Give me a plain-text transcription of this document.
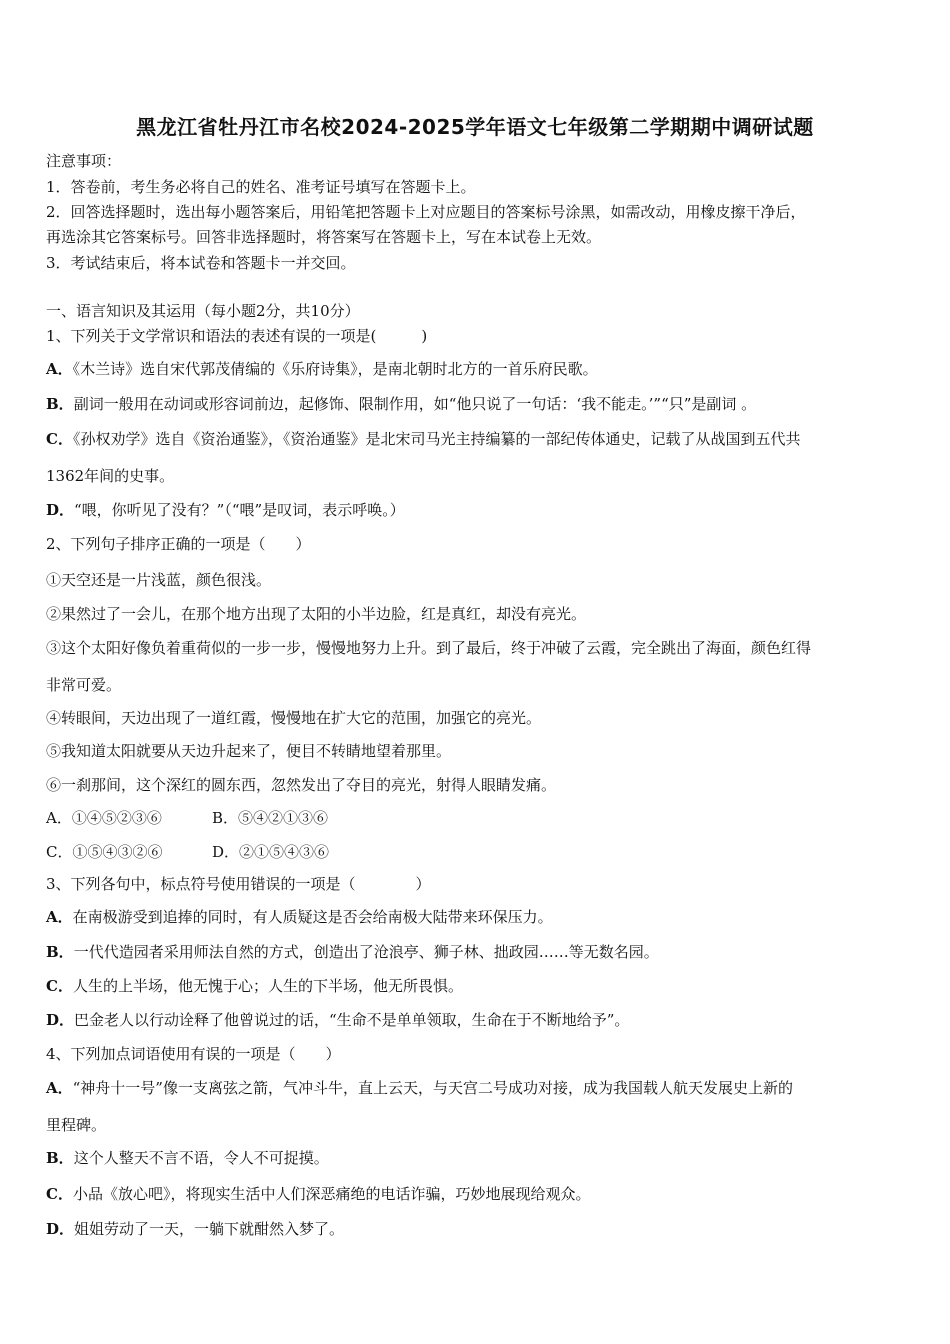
黑龙江省牡丹江市名校2024-2025学年语文七年级第二学期期中调研试题
注意事项：
1．答卷前，考生务必将自己的姓名、准考证号填写在答题卡上。
2．回答选择题时，选出每小题答案后，用铅笔把答题卡上对应题目的答案标号涂黑，如需改动，用橡皮擦干净后，
再选涂其它答案标号。回答非选择题时，将答案写在答题卡上，写在本试卷上无效。
3．考试结束后，将本试卷和答题卡一并交回。
一、语言知识及其运用（每小题2分，共10分）
1、下列关于文学常识和语法的表述有误的一项是(　　　)
A．《木兰诗》选自宋代郭茂倩编的《乐府诗集》，是南北朝时北方的一首乐府民歌。
B．副词一般用在动词或形容词前边，起修饰、限制作用，如“他只说了一句话：‘我不能走。’”“只”是副词 。
C．《孙权劝学》选自《资治通鉴》，《资治通鉴》是北宋司马光主持编纂的一部纪传体通史，记载了从战国到五代共
1362年间的史事。
D．“喂，你听见了没有？”（“喂”是叹词，表示呼唤。）
2、下列句子排序正确的一项是（　　）
①天空还是一片浅蓝，颜色很浅。
②果然过了一会儿，在那个地方出现了太阳的小半边脸，红是真红，却没有亮光。
③这个太阳好像负着重荷似的一步一步，慢慢地努力上升。到了最后，终于冲破了云霞，完全跳出了海面，颜色红得
非常可爱。
④转眼间，天边出现了一道红霞，慢慢地在扩大它的范围，加强它的亮光。
⑤我知道太阳就要从天边升起来了，便目不转睛地望着那里。
⑥一刹那间，这个深红的圆东西，忽然发出了夺目的亮光，射得人眼睛发痛。
A．①④⑤②③⑥	B．⑤④②①③⑥
C．①⑤④③②⑥	D．②①⑤④③⑥
3、下列各句中，标点符号使用错误的一项是（　　　　）
A．在南极游受到追捧的同时，有人质疑这是否会给南极大陆带来环保压力。
B．一代代造园者采用师法自然的方式，创造出了沧浪亭、狮子林、拙政园……等无数名园。
C．人生的上半场，他无愧于心；人生的下半场，他无所畏惧。
D．巴金老人以行动诠释了他曾说过的话，“生命不是单单领取，生命在于不断地给予”。
4、下列加点词语使用有误的一项是（　　）
A．“神舟十一号”像一支离弦之箭，气冲斗牛，直上云天，与天宫二号成功对接，成为我国载人航天发展史上新的
里程碑。
B．这个人整天不言不语，令人不可捉摸。
C．小品《放心吧》，将现实生活中人们深恶痛绝的电话诈骗，巧妙地展现给观众。
D．姐姐劳动了一天，一躺下就酣然入梦了。
